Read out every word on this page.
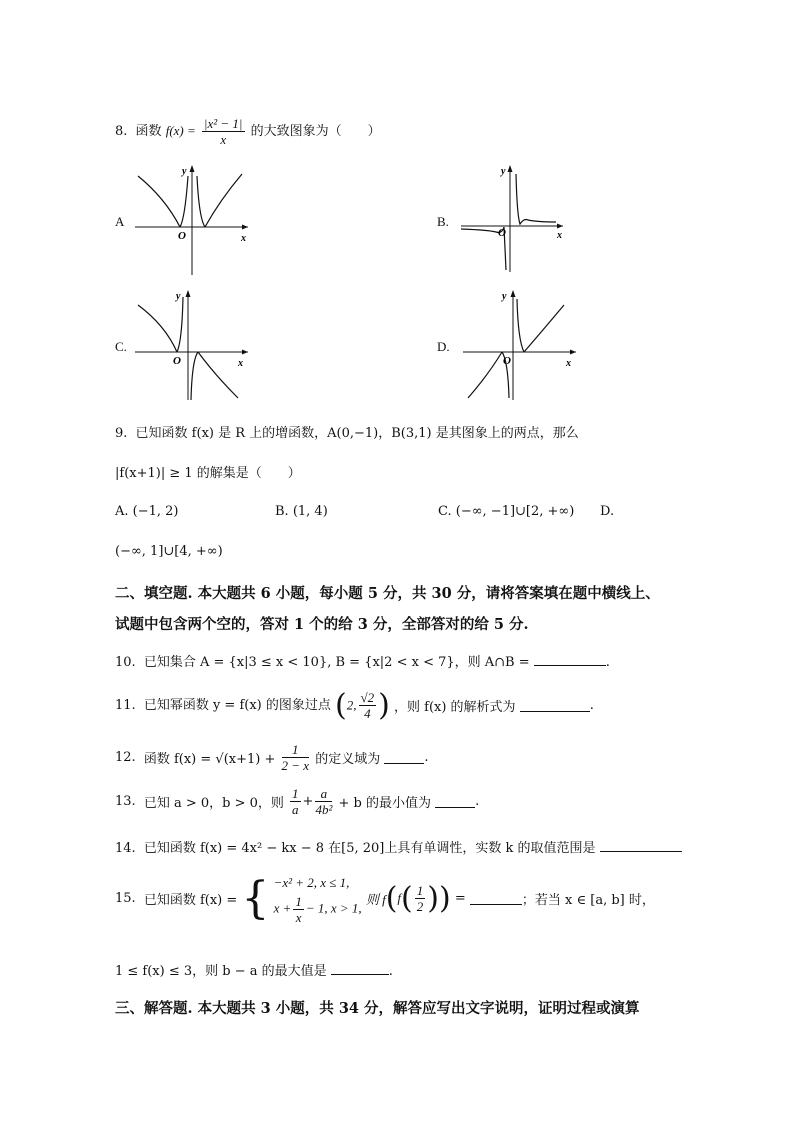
8. 函数 $f(x) = \frac{\text{|x² − 1|}}{x}$ 的大致图象为（　　）
A
y
O	x
B.
y
O	x
C.
y
O	x
D.
y
O	x
9. 已知函数 f(x) 是 R 上的增函数，A(0,−1)，B(3,1) 是其图象上的两点，那么
|f(x+1)| ≥ 1 的解集是（　　）
A. (−1, 2)	B. (1, 4)	C. (−∞, −1]∪[2, +∞) D.
(−∞, 1]∪[4, +∞)
二、填空题. 本大题共 6 小题，每小题 5 分，共 30 分，请将答案填在题中横线上、
试题中包含两个空的，答对 1 个的给 3 分，全部答对的给 5 分.
10. 已知集合 A = {x|3 ≤ x < 10}, B = {x|2 < x < 7}，则 A∩B =	.
11. 已知幂函数 y = f(x) 的图象过点 (2, $\frac{√2}{4}$ ) ，则 f(x) 的解析式为	.
12. 函数 $f(x) = √(x+1) + \frac{1}{2 - x}$ 的定义域为	.
13. 已知 a > 0，b > 0，则 $\frac{1}{a} + \frac{a}{\text{4b²}} + b$ 的最小值为	.
14. 已知函数 f(x) = 4x² − kx − 8 在[5, 20]上具有单调性，实数 k 的取值范围是
15. 已知函数 f(x) = { −x² + 2, x ≤ 1,
$x + \frac{1}{x} - 1$, x > 1,
则 $f(f( \frac{1}{2}$ )) =	；若当 x ∈ [a, b] 时，
1 ≤ f(x) ≤ 3，则 b − a 的最大值是	.
三、解答题. 本大题共 3 小题，共 34 分，解答应写出文字说明，证明过程或演算
